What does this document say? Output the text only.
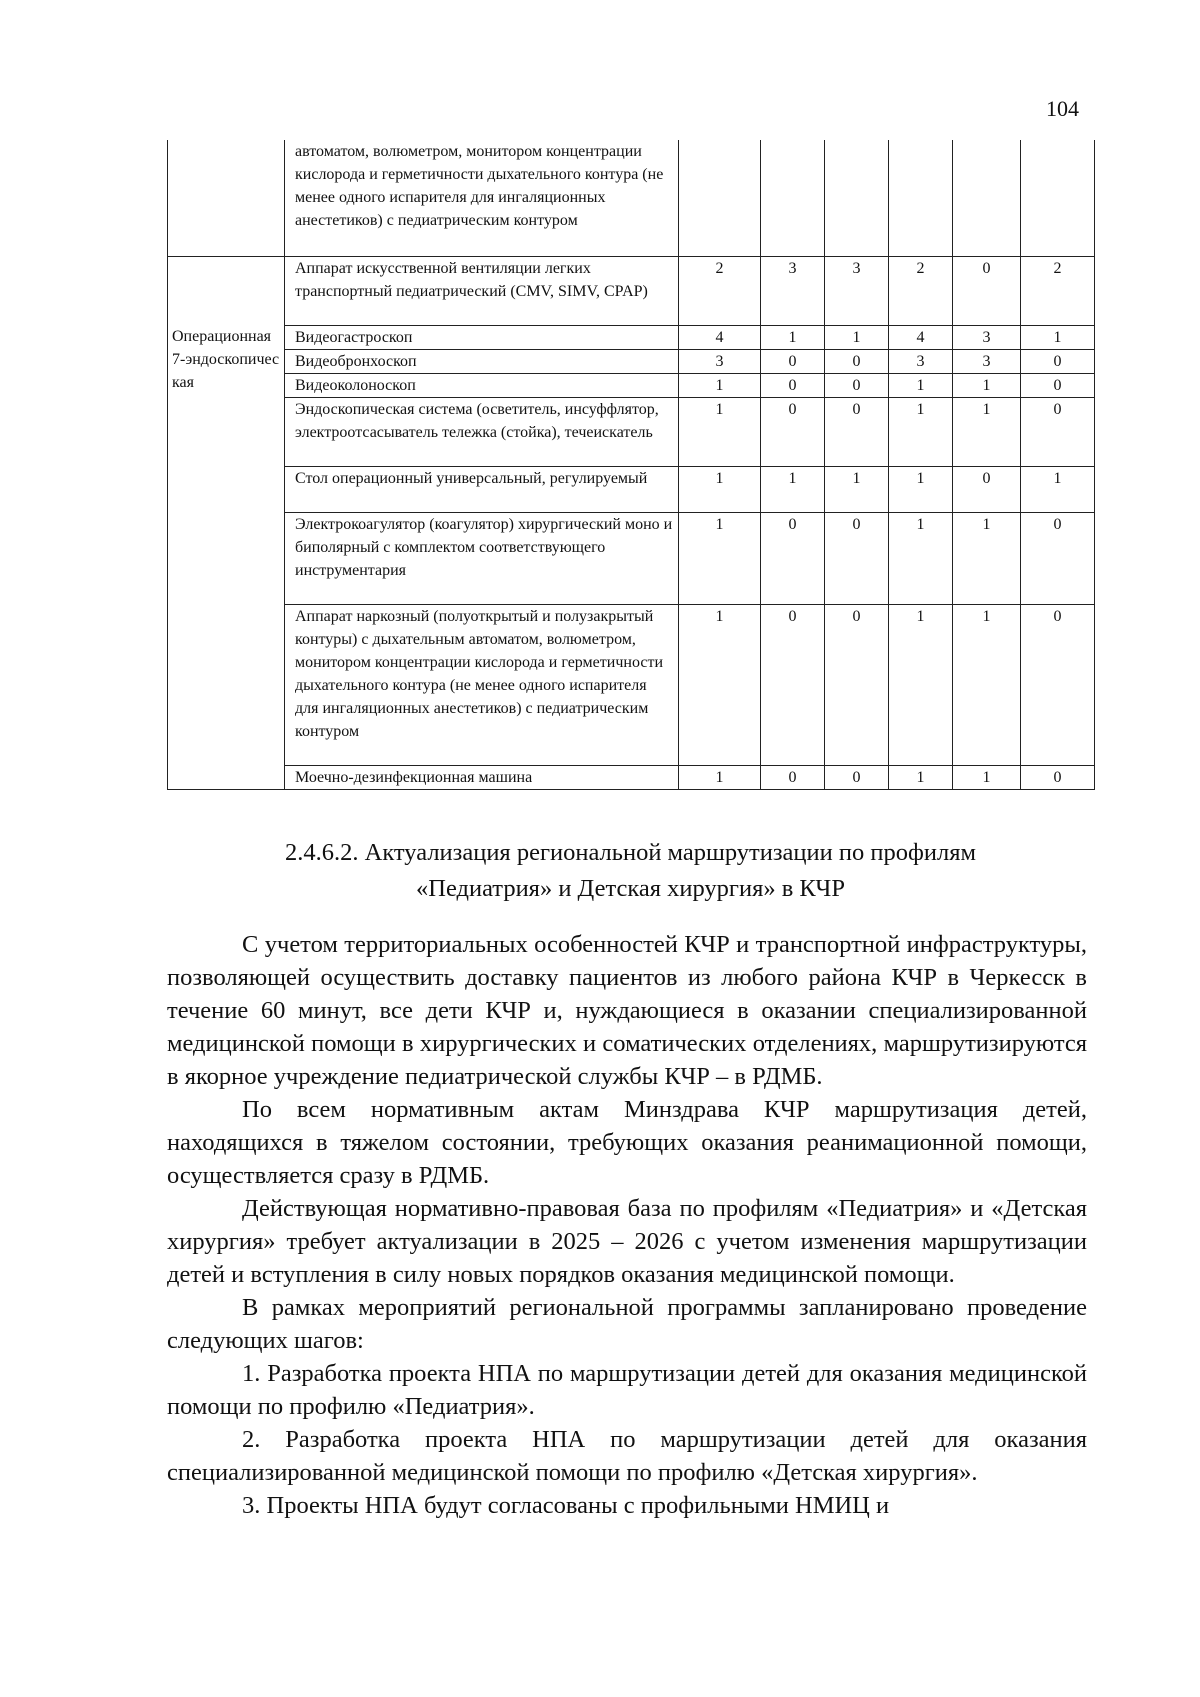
104
	автоматом, волюметром, монитором концентрации кислорода и герметичности дыхательного контура (не менее одного испарителя для ингаляционных анестетиков) с педиатрическим контуром						
	Аппарат искусственной вентиляции легких транспортный педиатрический (CMV, SIMV, CPAP)	2	3	3	2	0	2
Операционная 7-эндоскопическая	Видеогастроскоп	4	1	1	4	3	1
	Видеобронхоскоп	3	0	0	3	3	0
	Видеоколоноскоп	1	0	0	1	1	0
	Эндоскопическая система (осветитель, инсуффлятор, электроотсасыватель тележка (стойка), течеискатель	1	0	0	1	1	0
	Стол операционный универсальный, регулируемый	1	1	1	1	0	1
	Электрокоагулятор (коагулятор) хирургический моно и биполярный с комплектом соответствующего инструментария	1	0	0	1	1	0
	Аппарат наркозный (полуоткрытый и полузакрытый контуры) с дыхательным автоматом, волюметром, монитором концентрации кислорода и герметичности дыхательного контура (не менее одного испарителя для ингаляционных анестетиков) с педиатрическим контуром	1	0	0	1	1	0
	Моечно-дезинфекционная машина	1	0	0	1	1	0
2.4.6.2. Актуализация региональной маршрутизации по профилям
«Педиатрия» и Детская хирургия» в КЧР

С учетом территориальных особенностей КЧР и транспортной инфраструктуры, позволяющей осуществить доставку пациентов из любого района КЧР в Черкесск в течение 60 минут, все дети КЧР и, нуждающиеся в оказании специализированной медицинской помощи в хирургических и соматических отделениях, маршрутизируются в якорное учреждение педиатрической службы КЧР – в РДМБ.

По всем нормативным актам Минздрава КЧР маршрутизация детей, находящихся в тяжелом состоянии, требующих оказания реанимационной помощи, осуществляется сразу в РДМБ.

Действующая нормативно-правовая база по профилям «Педиатрия» и «Детская хирургия» требует актуализации в 2025 – 2026 с учетом изменения маршрутизации детей и вступления в силу новых порядков оказания медицинской помощи.

В рамках мероприятий региональной программы запланировано проведение следующих шагов:

1. Разработка проекта НПА по маршрутизации детей для оказания медицинской помощи по профилю «Педиатрия».

2. Разработка проекта НПА по маршрутизации детей для оказания специализированной медицинской помощи по профилю «Детская хирургия».

3. Проекты НПА будут согласованы с профильными НМИЦ и
